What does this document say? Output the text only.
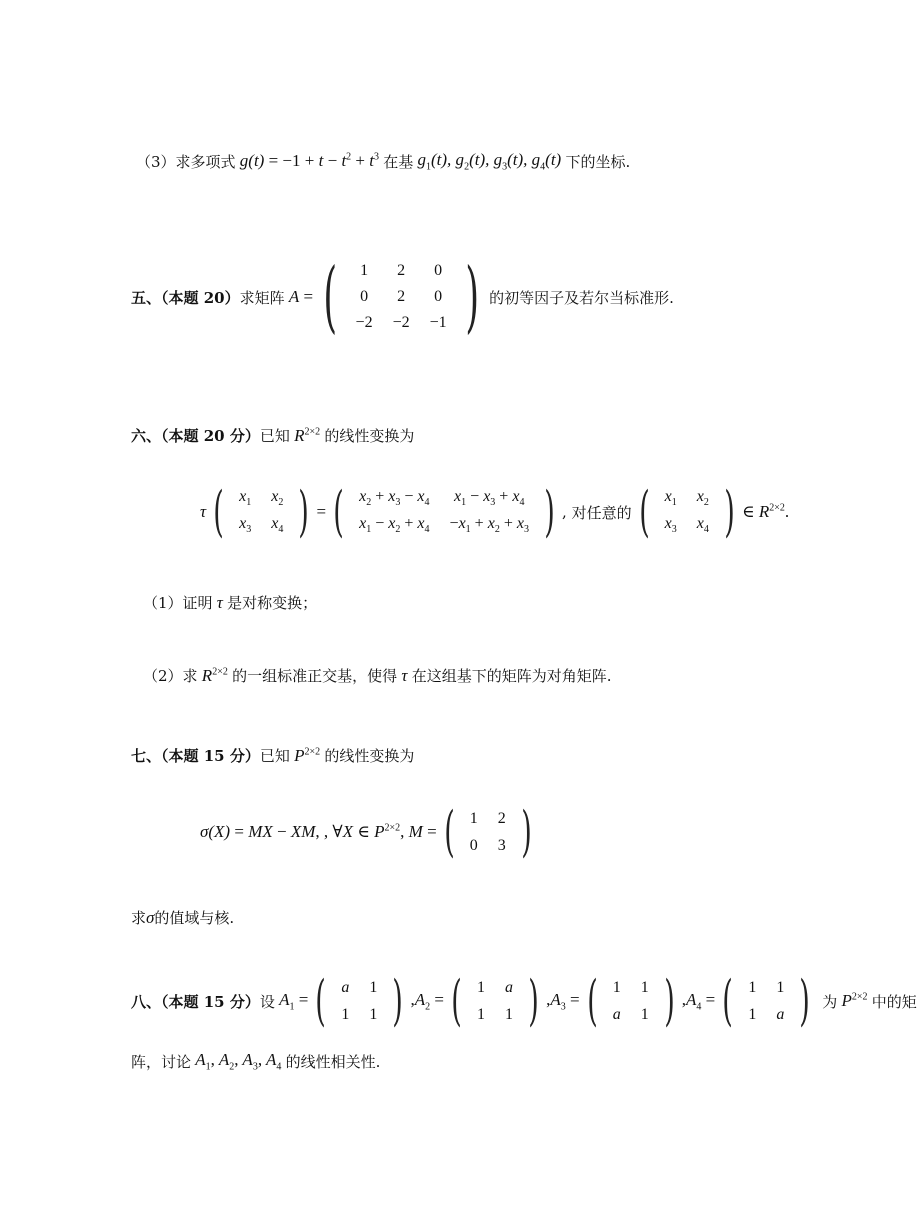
（3）求多项式 $g(t) = -1 + t - t^2 + t^3$ 在基 $g_1(t)$, $g_2(t)$, $g_3(t)$, $g_4(t)$ 下的坐标.
五、（本题 20） 求矩阵 A = ( 1	2	0
0	2	0
−2	−2	−1 ) 的初等因子及若尔当标准形.
六、（本题 20 分） 已知 $R^{2\times 2}$ 的线性变换为
τ ( $x_1$	$x_2$
$x_3$	$x_4$ ) = ( $x_2 + x_3 - x_4$	$x_1 - x_3 + x_4$
$x_1 - x_2 + x_4$	$-x_1 + x_2 + x_3$ ) , 对任意的 ( $x_1$	$x_2$
$x_3$	$x_4$ ) ∈ $R^{2\times 2}$.
（1）证明 τ 是对称变换；
（2）求 $R^{2\times 2}$ 的一组标准正交基，使得 τ 在这组基下的矩阵为对角矩阵.
七、（本题 15 分） 已知 $P^{2\times 2}$ 的线性变换为
σ(X) = MX − XM, , ∀X ∈ $P^{2\times 2}$, M = ( 1	2
0	3 )
求 σ 的值域与核.
八、（本题 15 分） 设 $A_1$ = ( a	1
1	1 ) $,A_2$ = ( 1	a
1	1 ) $,A_3$ = ( 1	1
a	1 ) $,A_4$ = ( 1	1
1	a )
为 $P^{2\times 2}$ 中的矩
阵，讨论 $A_1$, $A_2$, $A_3$, $A_4$ 的线性相关性.
